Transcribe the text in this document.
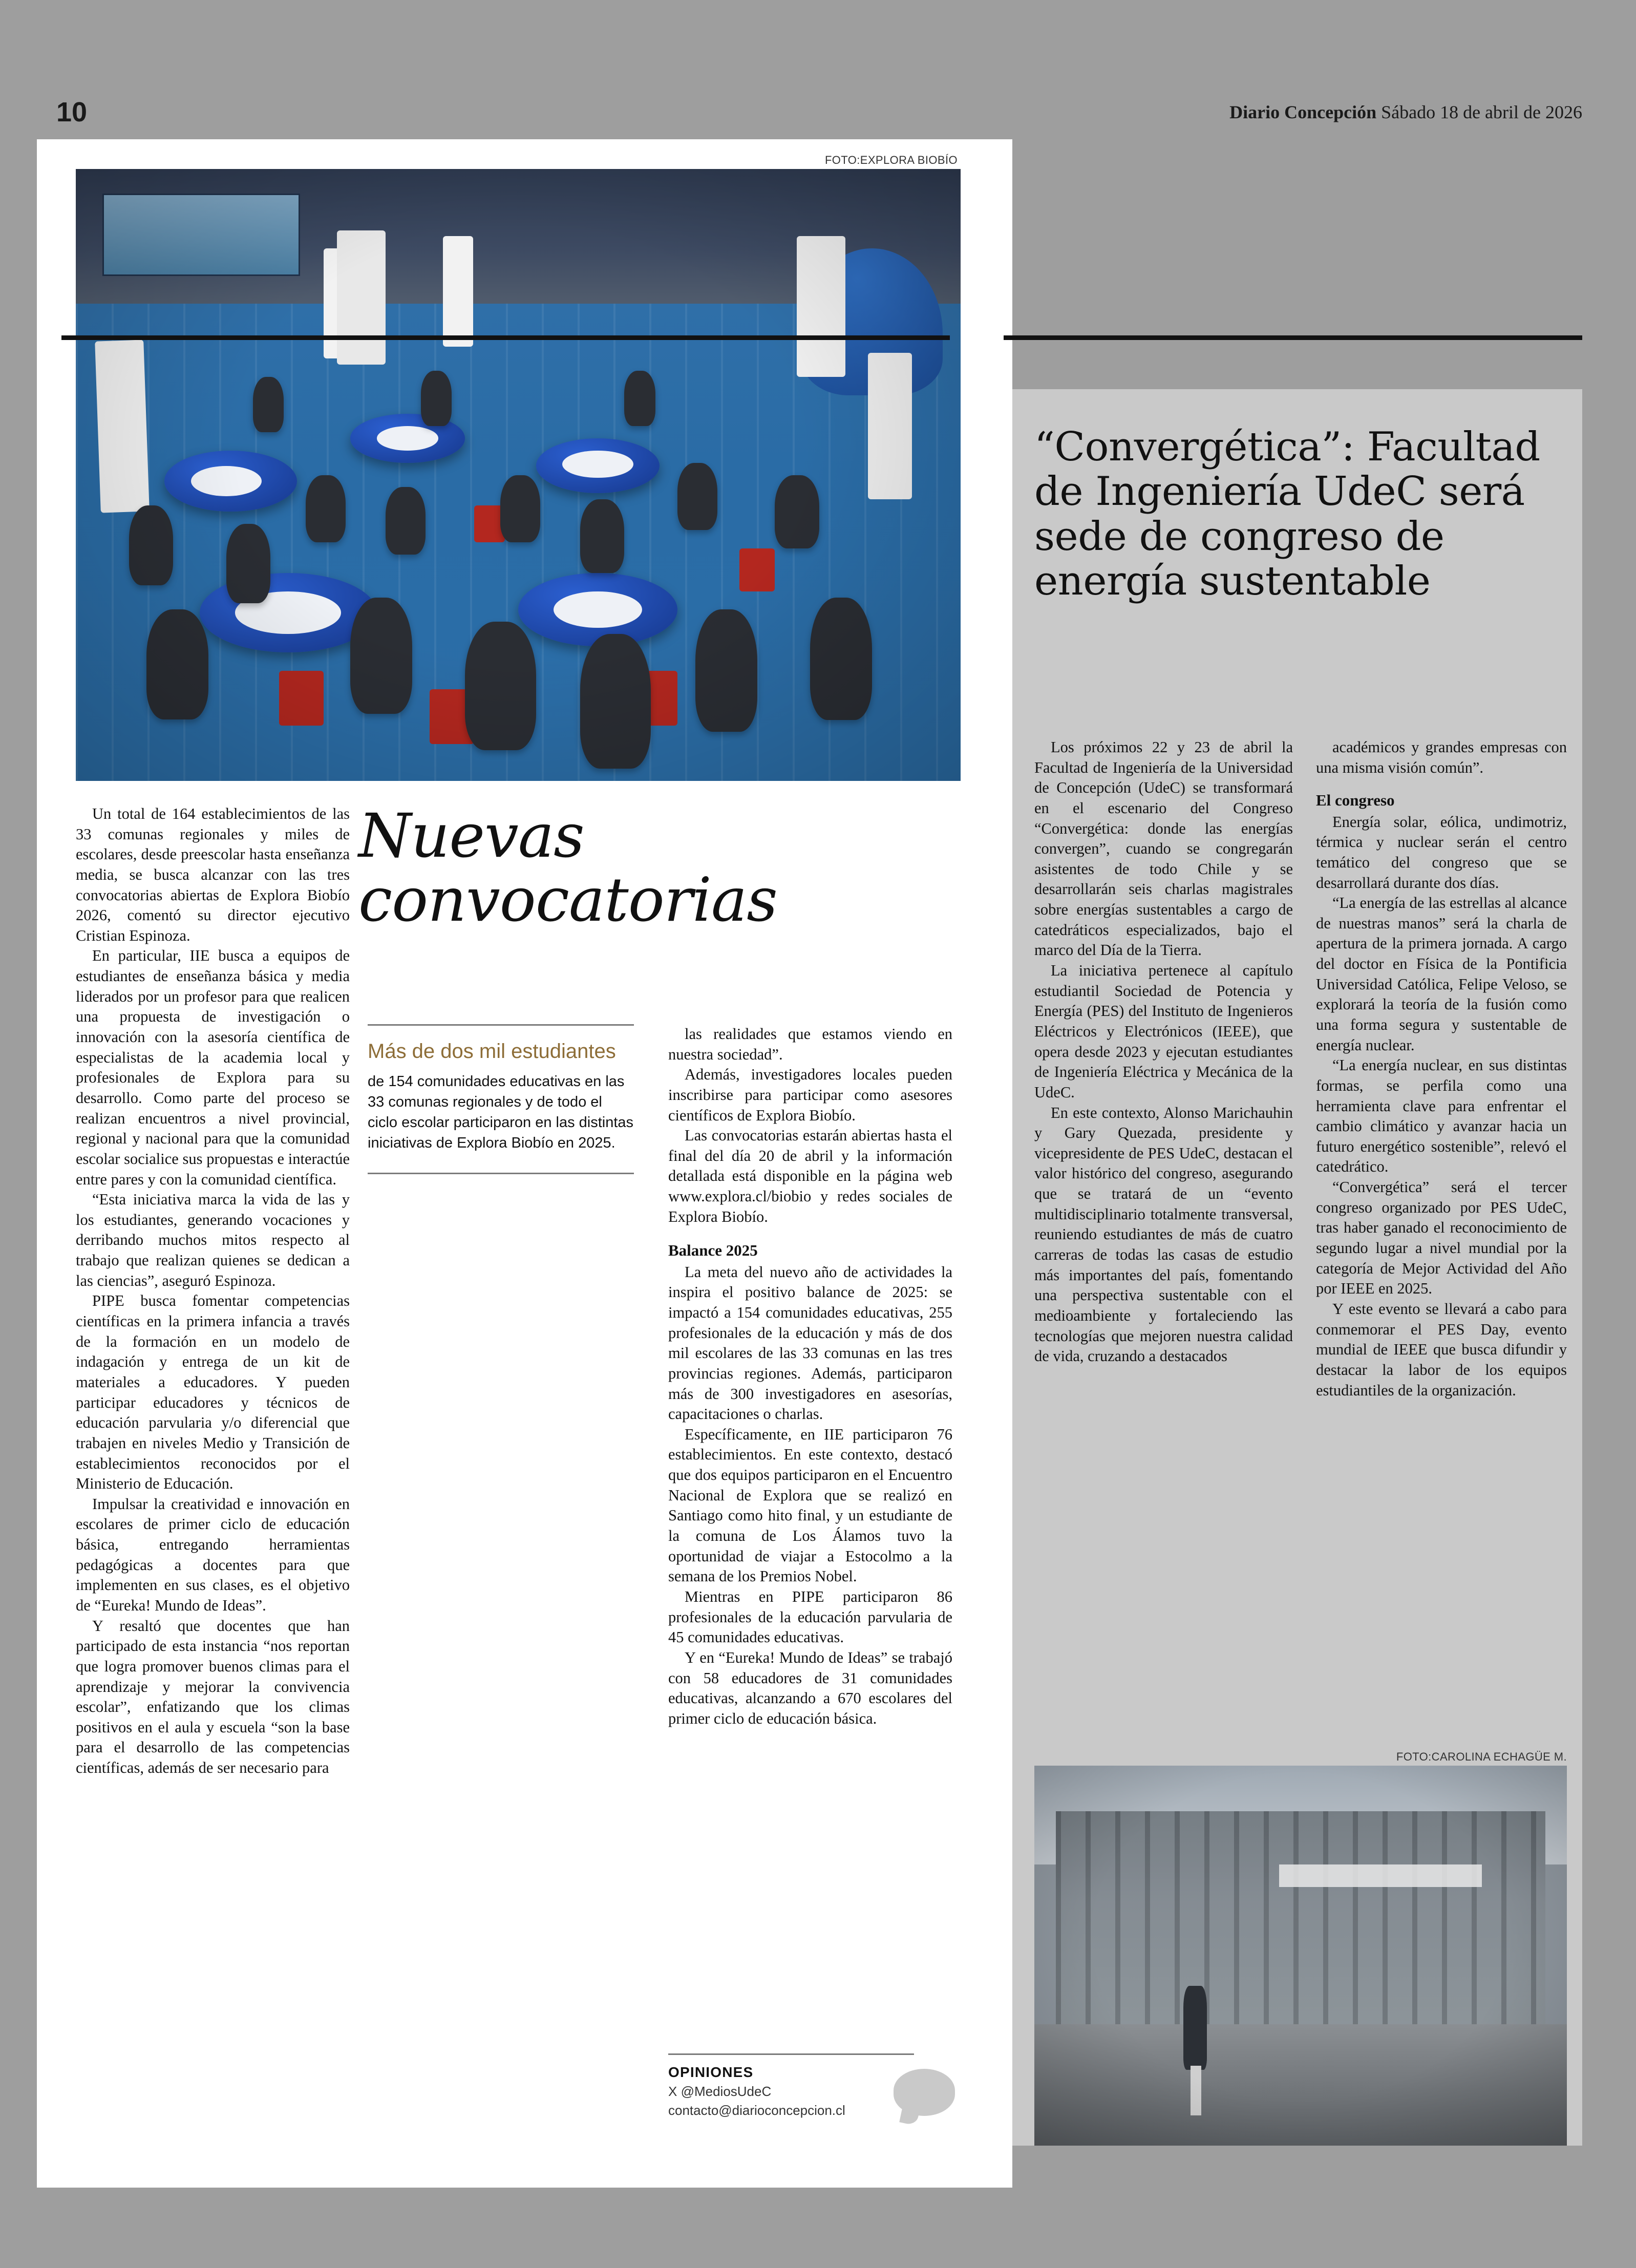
10	Diario Concepción Sábado 18 de abril de 2026
FOTO:EXPLORA BIOBÍO
Nuevas convocatorias

Un total de 164 establecimientos de las 33 comunas regionales y miles de escolares, desde preescolar hasta enseñanza media, se busca alcanzar con las tres convocatorias abiertas de Explora Biobío 2026, comentó su director ejecutivo Cristian Espinoza.

En particular, IIE busca a equipos de estudiantes de enseñanza básica y media liderados por un profesor para que realicen una propuesta de investigación o innovación con la asesoría científica de especialistas de la academia local y profesionales de Explora para su desarrollo. Como parte del proceso se realizan encuentros a nivel provincial, regional y nacional para que la comunidad escolar socialice sus propuestas e interactúe entre pares y con la comunidad científica.

“Esta iniciativa marca la vida de las y los estudiantes, generando vocaciones y derribando muchos mitos respecto al trabajo que realizan quienes se dedican a las ciencias”, aseguró Espinoza.

PIPE busca fomentar competencias científicas en la primera infancia a través de la formación en un modelo de indagación y entrega de un kit de materiales a educadores. Y pueden participar educadores y técnicos de educación parvularia y/o diferencial que trabajen en niveles Medio y Transición de establecimientos reconocidos por el Ministerio de Educación.

Impulsar la creatividad e innovación en escolares de primer ciclo de educación básica, entregando herramientas pedagógicas a docentes para que implementen en sus clases, es el objetivo de “Eureka! Mundo de Ideas”.

Y resaltó que docentes que han participado de esta instancia “nos reportan que logra promover buenos climas para el aprendizaje y mejorar la convivencia escolar”, enfatizando que los climas positivos en el aula y escuela “son la base para el desarrollo de las competencias científicas, además de ser necesario para

Más de dos mil estudiantes
de 154 comunidades educativas en las 33 comunas regionales y de todo el ciclo escolar participaron en las distintas iniciativas de Explora Biobío en 2025.

las realidades que estamos viendo en nuestra sociedad”.

Además, investigadores locales pueden inscribirse para participar como asesores científicos de Explora Biobío.

Las convocatorias estarán abiertas hasta el final del día 20 de abril y la información detallada está disponible en la página web www.explora.cl/biobio y redes sociales de Explora Biobío.

Balance 2025

La meta del nuevo año de actividades la inspira el positivo balance de 2025: se impactó a 154 comunidades educativas, 255 profesionales de la educación y más de dos mil escolares de las 33 comunas en las tres provincias regiones. Además, participaron más de 300 investigadores en asesorías, capacitaciones o charlas.

Específicamente, en IIE participaron 76 establecimientos. En este contexto, destacó que dos equipos participaron en el Encuentro Nacional de Explora que se realizó en Santiago como hito final, y un estudiante de la comuna de Los Álamos tuvo la oportunidad de viajar a Estocolmo a la semana de los Premios Nobel.

Mientras en PIPE participaron 86 profesionales de la educación parvularia de 45 comunidades educativas.

Y en “Eureka! Mundo de Ideas” se trabajó con 58 educadores de 31 comunidades educativas, alcanzando a 670 escolares del primer ciclo de educación básica.

OPINIONES
X @MediosUdeC
contacto@diarioconcepcion.cl
“Convergética”: Facultad de Ingeniería UdeC será sede de congreso de energía sustentable

Los próximos 22 y 23 de abril la Facultad de Ingeniería de la Universidad de Concepción (UdeC) se transformará en el escenario del Congreso “Convergética: donde las energías convergen”, cuando se congregarán asistentes de todo Chile y se desarrollarán seis charlas magistrales sobre energías sustentables a cargo de catedráticos especializados, bajo el marco del Día de la Tierra.

La iniciativa pertenece al capítulo estudiantil Sociedad de Potencia y Energía (PES) del Instituto de Ingenieros Eléctricos y Electrónicos (IEEE), que opera desde 2023 y ejecutan estudiantes de Ingeniería Eléctrica y Mecánica de la UdeC.

En este contexto, Alonso Marichauhin y Gary Quezada, presidente y vicepresidente de PES UdeC, destacan el valor histórico del congreso, asegurando que se tratará de un “evento multidisciplinario totalmente transversal, reuniendo estudiantes de más de cuatro carreras de todas las casas de estudio más importantes del país, fomentando una perspectiva sustentable con el medioambiente y fortaleciendo las tecnologías que mejoren nuestra calidad de vida, cruzando a destacados

académicos y grandes empresas con una misma visión común”.

El congreso

Energía solar, eólica, undimotriz, térmica y nuclear serán el centro temático del congreso que se desarrollará durante dos días.

“La energía de las estrellas al alcance de nuestras manos” será la charla de apertura de la primera jornada. A cargo del doctor en Física de la Pontificia Universidad Católica, Felipe Veloso, se explorará la teoría de la fusión como una forma segura y sustentable de energía nuclear.

“La energía nuclear, en sus distintas formas, se perfila como una herramienta clave para enfrentar el cambio climático y avanzar hacia un futuro energético sostenible”, relevó el catedrático.

“Convergética” será el tercer congreso organizado por PES UdeC, tras haber ganado el reconocimiento de segundo lugar a nivel mundial por la categoría de Mejor Actividad del Año por IEEE en 2025.

Y este evento se llevará a cabo para conmemorar el PES Day, evento mundial de IEEE que busca difundir y destacar la labor de los equipos estudiantiles de la organización.

FOTO:CAROLINA ECHAGÜE M.
